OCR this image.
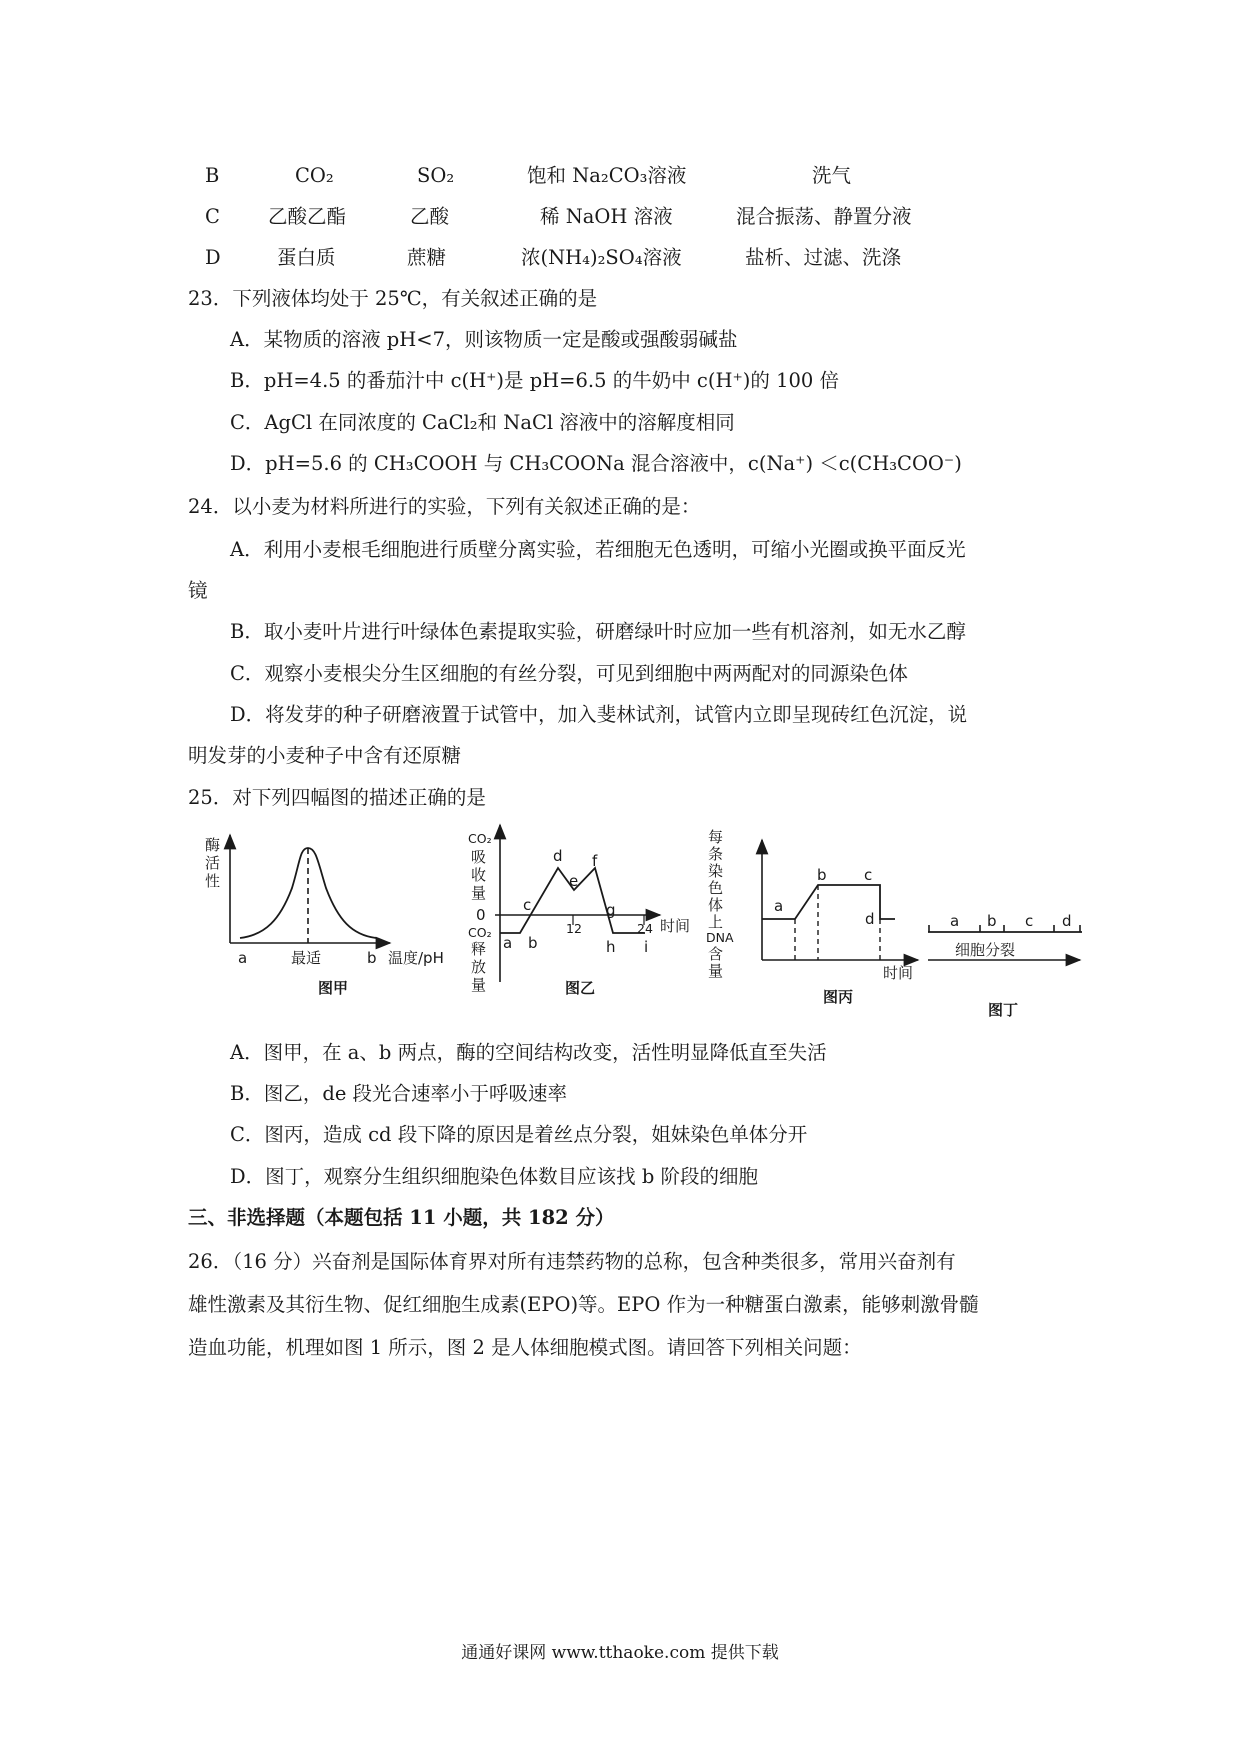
B	CO₂	SO₂	饱和 Na₂CO₃溶液	洗气
C 乙酸乙酯	乙酸	稀 NaOH 溶液	混合振荡、静置分液
D	蛋白质	蔗糖	浓(NH₄)₂SO₄溶液	盐析、过滤、洗涤
23．下列液体均处于 25℃，有关叙述正确的是
A．某物质的溶液 pH<7，则该物质一定是酸或强酸弱碱盐
B．pH=4.5 的番茄汁中 c(H⁺)是 pH=6.5 的牛奶中 c(H⁺)的 100 倍
C．AgCl 在同浓度的 CaCl₂和 NaCl 溶液中的溶解度相同
D．pH=5.6 的 CH₃COOH 与 CH₃COONa 混合溶液中，c(Na⁺) ＜c(CH₃COO⁻)
24．以小麦为材料所进行的实验，下列有关叙述正确的是：
A．利用小麦根毛细胞进行质壁分离实验，若细胞无色透明，可缩小光圈或换平面反光
镜
B．取小麦叶片进行叶绿体色素提取实验，研磨绿叶时应加一些有机溶剂，如无水乙醇
C．观察小麦根尖分生区细胞的有丝分裂，可见到细胞中两两配对的同源染色体
D．将发芽的种子研磨液置于试管中，加入斐林试剂，试管内立即呈现砖红色沉淀，说
明发芽的小麦种子中含有还原糖
25．对下列四幅图的描述正确的是
酶
活
性
a	最适	b 温度/pH
图甲
CO₂
吸
收
量
0
CO₂
释
放
量
12	24 时间
a b
c
d
e
f
g
h i
图乙
每
条
染
色
体
上
DNA
含
量
a
b c
d
时间
图丙
a b c d
细胞分裂
图丁
A．图甲，在 a、b 两点，酶的空间结构改变，活性明显降低直至失活
B．图乙，de 段光合速率小于呼吸速率
C．图丙，造成 cd 段下降的原因是着丝点分裂，姐妹染色单体分开
D．图丁，观察分生组织细胞染色体数目应该找 b 阶段的细胞
三、非选择题（本题包括 11 小题，共 182 分）
26．（16 分）兴奋剂是国际体育界对所有违禁药物的总称，包含种类很多，常用兴奋剂有
雄性激素及其衍生物、促红细胞生成素(EPO)等。EPO 作为一种糖蛋白激素，能够刺激骨髓
造血功能，机理如图 1 所示，图 2 是人体细胞模式图。请回答下列相关问题：
通通好课网 www.tthaoke.com 提供下载
